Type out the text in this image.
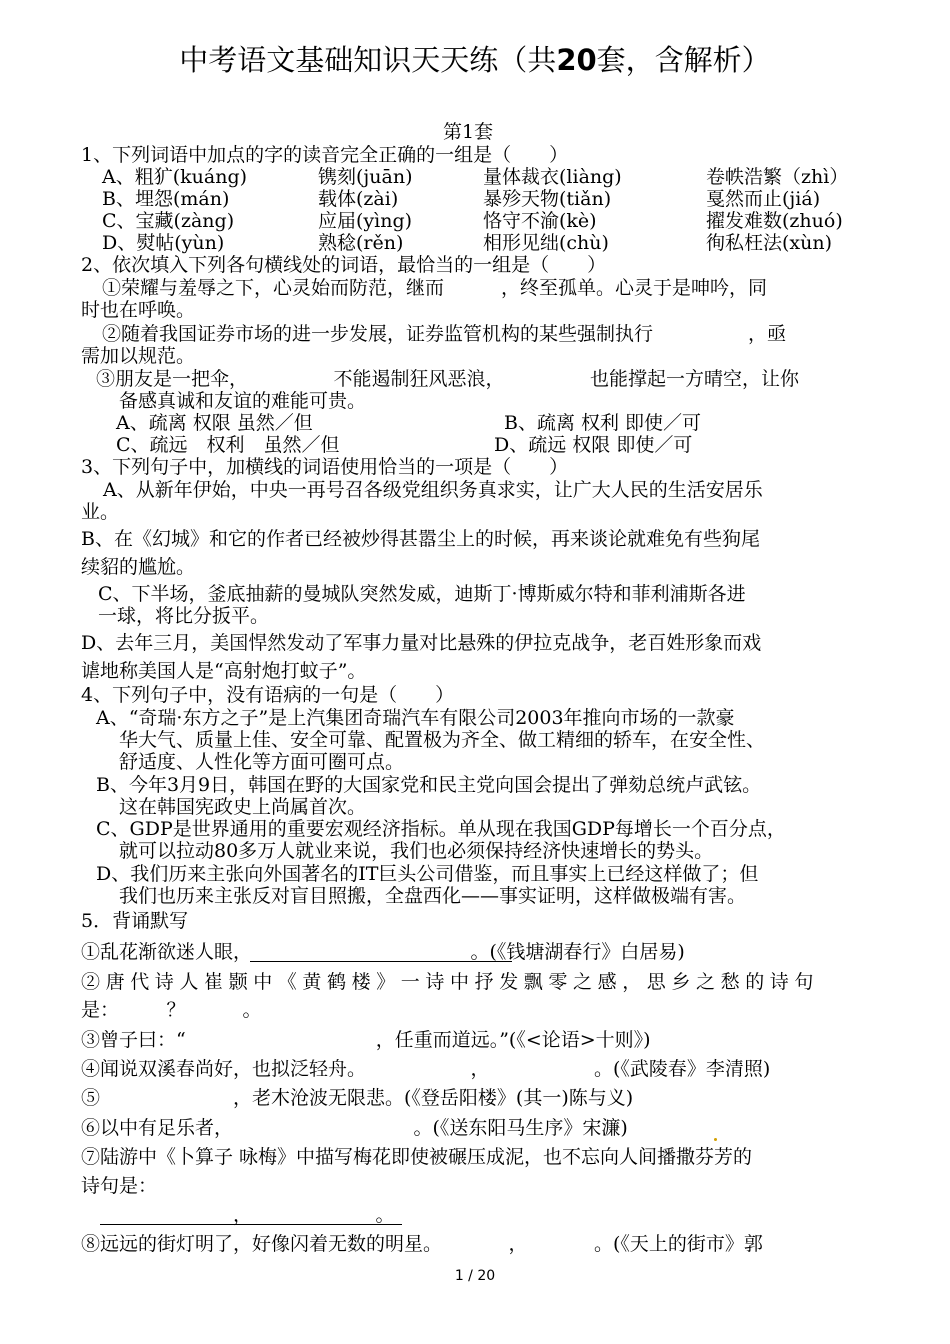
中考语文基础知识天天练（共20套，含解析）
第1套
1、下列词语中加点的字的读音完全正确的一组是（　　）
A、粗犷(kuáng)	镌刻(juān)	量体裁衣(liàng)	卷帙浩繁（zhì）
B、埋怨(mán)	载体(zài)	暴殄天物(tiǎn)	戛然而止(jiá)
C、宝藏(zàng)	应届(yìng)	恪守不渝(kè)	擢发难数(zhuó)
D、熨帖(yùn)	熟稔(rěn)	相形见绌(chù)	徇私枉法(xùn)
2、依次填入下列各句横线处的词语，最恰当的一组是（　　）
①荣耀与羞辱之下，心灵始而防范，继而　　　，终至孤单。心灵于是呻吟，同
时也在呼唤。
②随着我国证券市场的进一步发展，证券监管机构的某些强制执行　　　　　，亟
需加以规范。
③朋友是一把伞，　　　　　不能遏制狂风恶浪，　　　　　也能撑起一方晴空，让你
备感真诚和友谊的难能可贵。
A、疏离 权限 虽然／但	B、疏离 权利 即使／可
C、疏远　权利　虽然／但	D、疏远 权限 即使／可
3、下列句子中，加横线的词语使用恰当的一项是（　　）
A、从新年伊始，中央一再号召各级党组织务真求实，让广大人民的生活安居乐
业。
B、在《幻城》和它的作者已经被炒得甚嚣尘上的时候，再来谈论就难免有些狗尾
续貂的尴尬。
C、下半场，釜底抽薪的曼城队突然发威，迪斯丁·博斯威尔特和菲利浦斯各进
一球，将比分扳平。
D、去年三月，美国悍然发动了军事力量对比悬殊的伊拉克战争，老百姓形象而戏
谑地称美国人是“高射炮打蚊子”。
4、下列句子中，没有语病的一句是（　　）
A、“奇瑞·东方之子”是上汽集团奇瑞汽车有限公司2003年推向市场的一款豪
华大气、质量上佳、安全可靠、配置极为齐全、做工精细的轿车，在安全性、
舒适度、人性化等方面可圈可点。
B、今年3月9日，韩国在野的大国家党和民主党向国会提出了弹劾总统卢武铉。
这在韩国宪政史上尚属首次。
C、GDP是世界通用的重要宏观经济指标。单从现在我国GDP每增长一个百分点，
就可以拉动80多万人就业来说，我们也必须保持经济快速增长的势头。
D、我们历来主张向外国著名的IT巨头公司借鉴，而且事实上已经这样做了；但
我们也历来主张反对盲目照搬，全盘西化——事实证明，这样做极端有害。
5．背诵默写
①乱花渐欲迷人眼，　　　　　　　　　　　　。(《钱塘湖春行》白居易)
②唐代诗人崔颢中《黄鹤楼》一诗中抒发飘零之感，思乡之愁的诗句
是：　　　？　　　。
③曾子曰：“　　　　　　　　　　，任重而道远。”(《<论语>十则》)
④闻说双溪春尚好，也拟泛轻舟。　　　　　　，　　　　　　。(《武陵春》李清照)
⑤　　　　　　　，老木沧波无限悲。(《登岳阳楼》(其一)陈与义)
⑥以中有足乐者，　　　　　　　　　　。(《送东阳马生序》宋濂)
⑦陆游中《卜算子 咏梅》中描写梅花即使被碾压成泥，也不忘向人间播撒芬芳的
诗句是：
　　　　　　　，　　　　　　　。
⑧远远的街灯明了，好像闪着无数的明星。　　　　，　　　　。(《天上的街市》郭
1 / 20
